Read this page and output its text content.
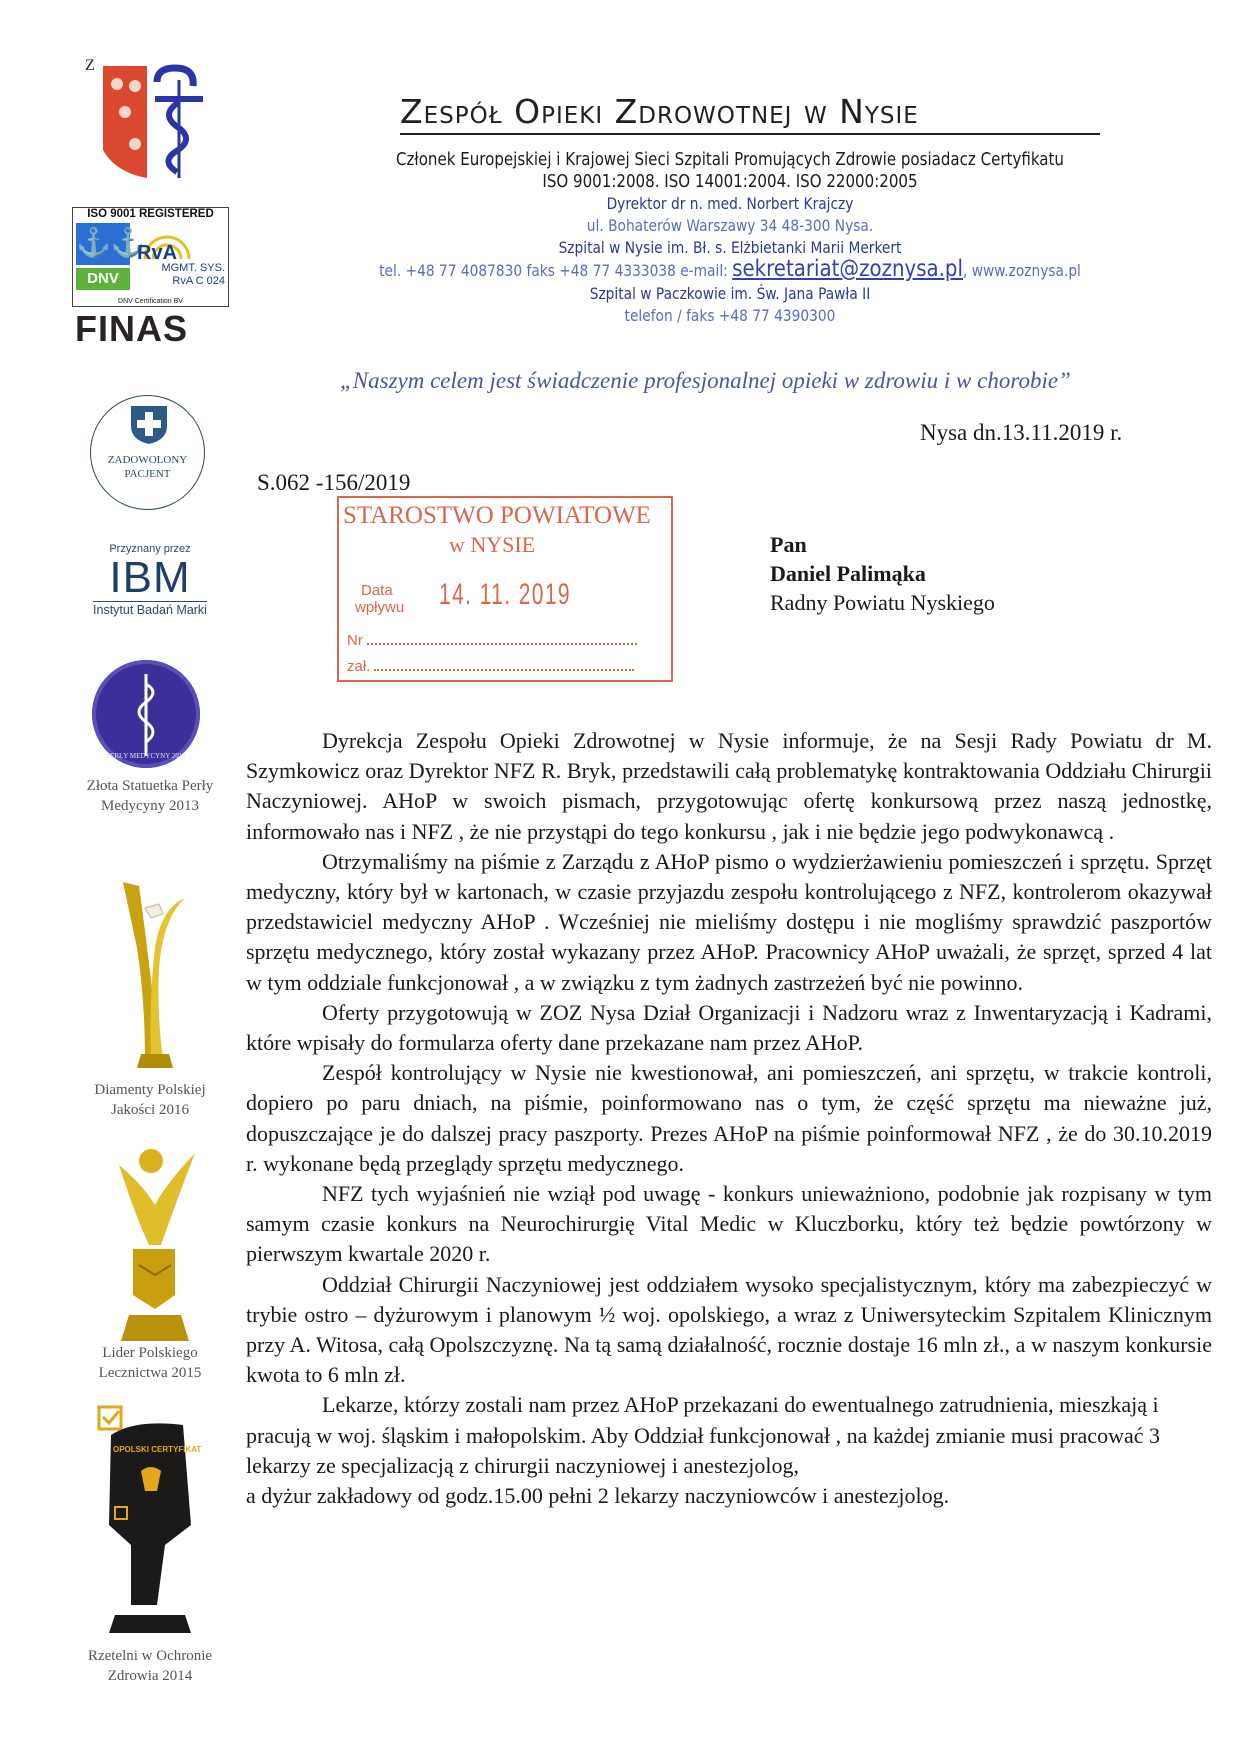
Z
ISO 9001 REGISTERED
⚓⚓
DNV
RvA
MGMT. SYS.
RvA C 024
DNV Certification BV
FINAS
ZADOWOLONY
PACJENT
Przyznany przez
IBM
Instytut Badań Marki
PERŁY MEDYCYNY 2013
Złota Statuetka Perły
Medycyny 2013
Diamenty Polskiej
Jakości 2016
Lider Polskiego
Lecznictwa 2015
OPOLSKI CERTYFIKAT
Rzetelni w Ochronie
Zdrowia 2014
Zespół Opieki Zdrowotnej w Nysie
Członek Europejskiej i Krajowej Sieci Szpitali Promujących Zdrowie posiadacz Certyfikatu
ISO 9001:2008. ISO 14001:2004. ISO 22000:2005
Dyrektor dr n. med. Norbert Krajczy
ul. Bohaterów Warszawy 34 48-300 Nysa.
Szpital w Nysie im. Bł. s. Elżbietanki Marii Merkert
tel. +48 77 4087830 faks +48 77 4333038 e-mail: sekretariat@zoznysa.pl, www.zoznysa.pl
Szpital w Paczkowie im. Św. Jana Pawła II
telefon / faks +48 77 4390300
„Naszym celem jest świadczenie profesjonalnej opieki w zdrowiu i w chorobie”
Nysa dn.13.11.2019 r.
S.062 -156/2019
STAROSTWO POWIATOWE
w NYSIE
Data
wpływu 14. 11. 2019
Nr
zał.
Pan
Daniel Palimąka
Radny Powiatu Nyskiego

Dyrekcja Zespołu Opieki Zdrowotnej w Nysie informuje, że na Sesji Rady Powiatu dr M. Szymkowicz oraz Dyrektor NFZ R. Bryk, przedstawili całą problematykę kontraktowania Oddziału Chirurgii Naczyniowej. AHoP w swoich pismach, przygotowując ofertę konkursową przez naszą jednostkę, informowało nas i NFZ , że nie przystąpi do tego konkursu , jak i nie będzie jego podwykonawcą .

Otrzymaliśmy na piśmie z Zarządu z AHoP pismo o wydzierżawieniu pomieszczeń i sprzętu. Sprzęt medyczny, który był w kartonach, w czasie przyjazdu zespołu kontrolującego z NFZ, kontrolerom okazywał przedstawiciel medyczny AHoP . Wcześniej nie mieliśmy dostępu i nie mogliśmy sprawdzić paszportów sprzętu medycznego, który został wykazany przez AHoP. Pracownicy AHoP uważali, że sprzęt, sprzed 4 lat w tym oddziale funkcjonował , a w związku z tym żadnych zastrzeżeń być nie powinno.

Oferty przygotowują w ZOZ Nysa Dział Organizacji i Nadzoru wraz z Inwentaryzacją i Kadrami, które wpisały do formularza oferty dane przekazane nam przez AHoP.

Zespół kontrolujący w Nysie nie kwestionował, ani pomieszczeń, ani sprzętu, w trakcie kontroli, dopiero po paru dniach, na piśmie, poinformowano nas o tym, że część sprzętu ma nieważne już, dopuszczające je do dalszej pracy paszporty. Prezes AHoP na piśmie poinformował NFZ , że do 30.10.2019 r. wykonane będą przeglądy sprzętu medycznego.

NFZ tych wyjaśnień nie wziął pod uwagę - konkurs unieważniono, podobnie jak rozpisany w tym samym czasie konkurs na Neurochirurgię Vital Medic w Kluczborku, który też będzie powtórzony w pierwszym kwartale 2020 r.

Oddział Chirurgii Naczyniowej jest oddziałem wysoko specjalistycznym, który ma zabezpieczyć w trybie ostro – dyżurowym i planowym ½ woj. opolskiego, a wraz z Uniwersyteckim Szpitalem Klinicznym przy A. Witosa, całą Opolszczyznę. Na tą samą działalność, rocznie dostaje 16 mln zł., a w naszym konkursie kwota to 6 mln zł.

Lekarze, którzy zostali nam przez AHoP przekazani do ewentualnego zatrudnienia, mieszkają i pracują w woj. śląskim i małopolskim. Aby Oddział funkcjonował , na każdej zmianie musi pracować 3 lekarzy ze specjalizacją z chirurgii naczyniowej i anestezjolog,

a dyżur zakładowy od godz.15.00 pełni 2 lekarzy naczyniowców i anestezjolog.
